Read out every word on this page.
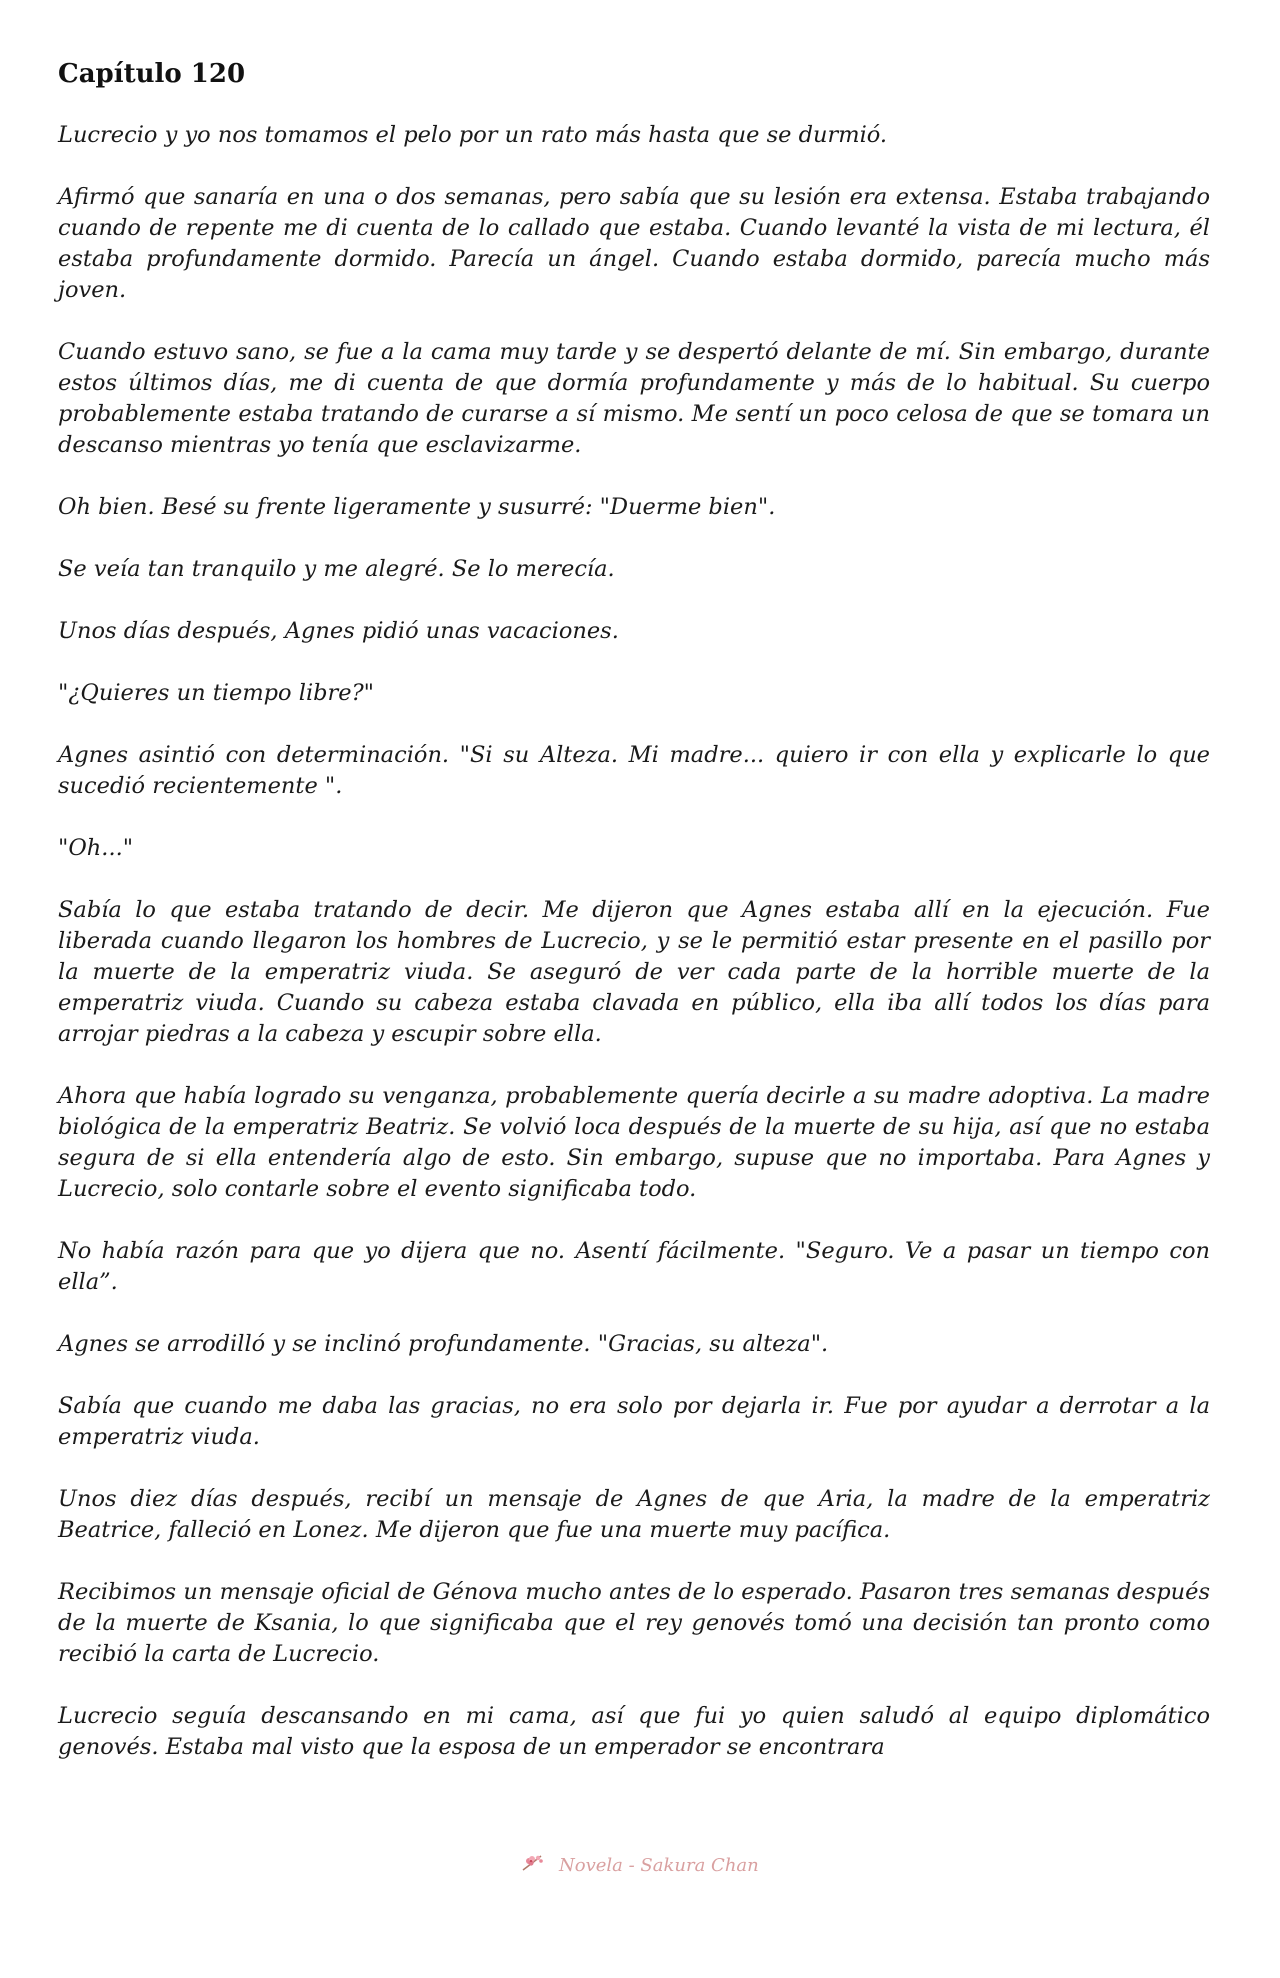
Capítulo 120

Lucrecio y yo nos tomamos el pelo por un rato más hasta que se durmió.

Afirmó que sanaría en una o dos semanas, pero sabía que su lesión era extensa. Estaba trabajando cuando de repente me di cuenta de lo callado que estaba. Cuando levanté la vista de mi lectura, él estaba profundamente dormido. Parecía un ángel. Cuando estaba dormido, parecía mucho más joven.

Cuando estuvo sano, se fue a la cama muy tarde y se despertó delante de mí. Sin embargo, durante estos últimos días, me di cuenta de que dormía profundamente y más de lo habitual. Su cuerpo probablemente estaba tratando de curarse a sí mismo. Me sentí un poco celosa de que se tomara un descanso mientras yo tenía que esclavizarme.

Oh bien. Besé su frente ligeramente y susurré: "Duerme bien".

Se veía tan tranquilo y me alegré. Se lo merecía.

Unos días después, Agnes pidió unas vacaciones.

"¿Quieres un tiempo libre?"

Agnes asintió con determinación. "Si su Alteza. Mi madre... quiero ir con ella y explicarle lo que sucedió recientemente ".

"Oh..."

Sabía lo que estaba tratando de decir. Me dijeron que Agnes estaba allí en la ejecución. Fue liberada cuando llegaron los hombres de Lucrecio, y se le permitió estar presente en el pasillo por la muerte de la emperatriz viuda. Se aseguró de ver cada parte de la horrible muerte de la emperatriz viuda. Cuando su cabeza estaba clavada en público, ella iba allí todos los días para arrojar piedras a la cabeza y escupir sobre ella.

Ahora que había logrado su venganza, probablemente quería decirle a su madre adoptiva. La madre biológica de la emperatriz Beatriz. Se volvió loca después de la muerte de su hija, así que no estaba segura de si ella entendería algo de esto. Sin embargo, supuse que no importaba. Para Agnes y Lucrecio, solo contarle sobre el evento significaba todo.

No había razón para que yo dijera que no. Asentí fácilmente. "Seguro. Ve a pasar un tiempo con ella”.

Agnes se arrodilló y se inclinó profundamente. "Gracias, su alteza".

Sabía que cuando me daba las gracias, no era solo por dejarla ir. Fue por ayudar a derrotar a la emperatriz viuda.

Unos diez días después, recibí un mensaje de Agnes de que Aria, la madre de la emperatriz Beatrice, falleció en Lonez. Me dijeron que fue una muerte muy pacífica.

Recibimos un mensaje oficial de Génova mucho antes de lo esperado. Pasaron tres semanas después de la muerte de Ksania, lo que significaba que el rey genovés tomó una decisión tan pronto como recibió la carta de Lucrecio.

Lucrecio seguía descansando en mi cama, así que fui yo quien saludó al equipo diplomático genovés. Estaba mal visto que la esposa de un emperador se encontrara

Novela - Sakura Chan
